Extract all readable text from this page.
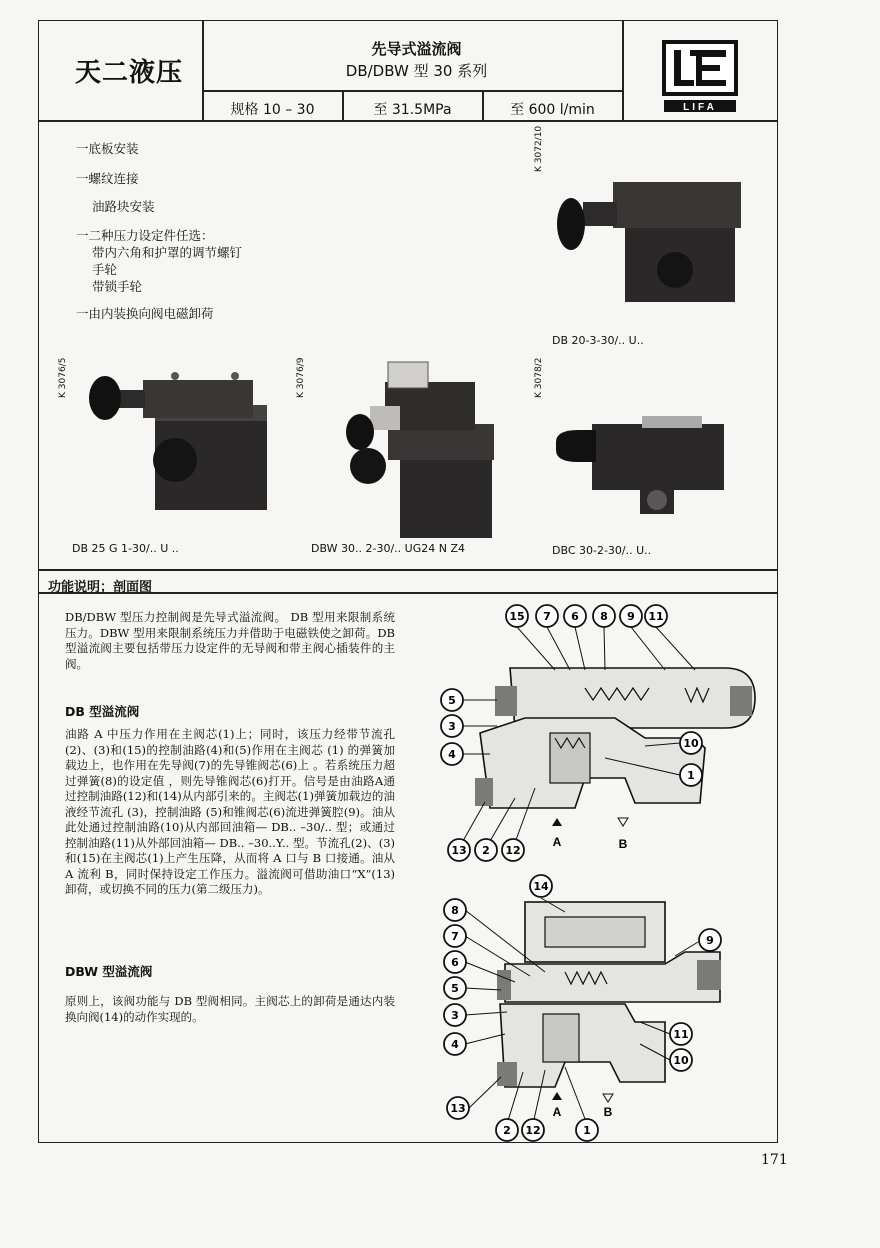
天二液压
先导式溢流阀
DB/DBW 型 30 系列
规格 10 – 30	至 31.5MPa	至 600 l/min	LIFA
一底板安装
一螺纹连接
油路块安装
一二种压力设定件任选：
带内六角和护罩的调节螺钉
手轮
带锁手轮
一由内装换向阀电磁卸荷
K 3076/5	K 3076/9
K 3072/10
K 3078/2
DB 20-3-30/.. U..
DB 25 G 1-30/.. U ..	DBW 30.. 2-30/.. UG24 N Z4	DBC 30-2-30/.. U..
功能说明；剖面图
DB/DBW 型压力控制阀是先导式溢流阀。 DB 型用来限制系统压力。DBW 型用来限制系统压力并借助于电磁铁使之卸荷。DB 型溢流阀主要包括带压力设定件的无导阀和带主阀心插装件的主阀。
DB 型溢流阀
油路 A 中压力作用在主阀芯(1)上；同时，该压力经带节流孔(2)、(3)和(15)的控制油路(4)和(5)作用在主阀芯 (1) 的弹簧加载边上，也作用在先导阀(7)的先导锥阀芯(6)上 。若系统压力超过弹簧(8)的设定值 ，则先导锥阀芯(6)打开。信号是由油路A通过控制油路(12)和(14)从内部引来的。主阀芯(1)弹簧加载边的油液经节流孔 (3)，控制油路 (5)和锥阀芯(6)流进弹簧腔(9)。油从此处通过控制油路(10)从内部回油箱— DB.. –30/.. 型；或通过控制油路(11)从外部回油箱— DB.. –30..Y.. 型。节流孔(2)、(3)和(15)在主阀芯(1)上产生压降，从而将 A 口与 B 口接通。油从 A 流利 B，同时保持设定工作压力。溢流阀可借助油口“X”(13)卸荷，或切换不同的压力(第二级压力)。
DBW 型溢流阀
原则上，该阀功能与 DB 型阀相同。主阀芯上的卸荷是通达内装换向阀(14)的动作实现的。
A	B
15 7 6 8 9 11
5
3
4
10
1
13 2 12
A	B
14
8
7
6
5
3
4
9
11
10
13
2 12	1
171
